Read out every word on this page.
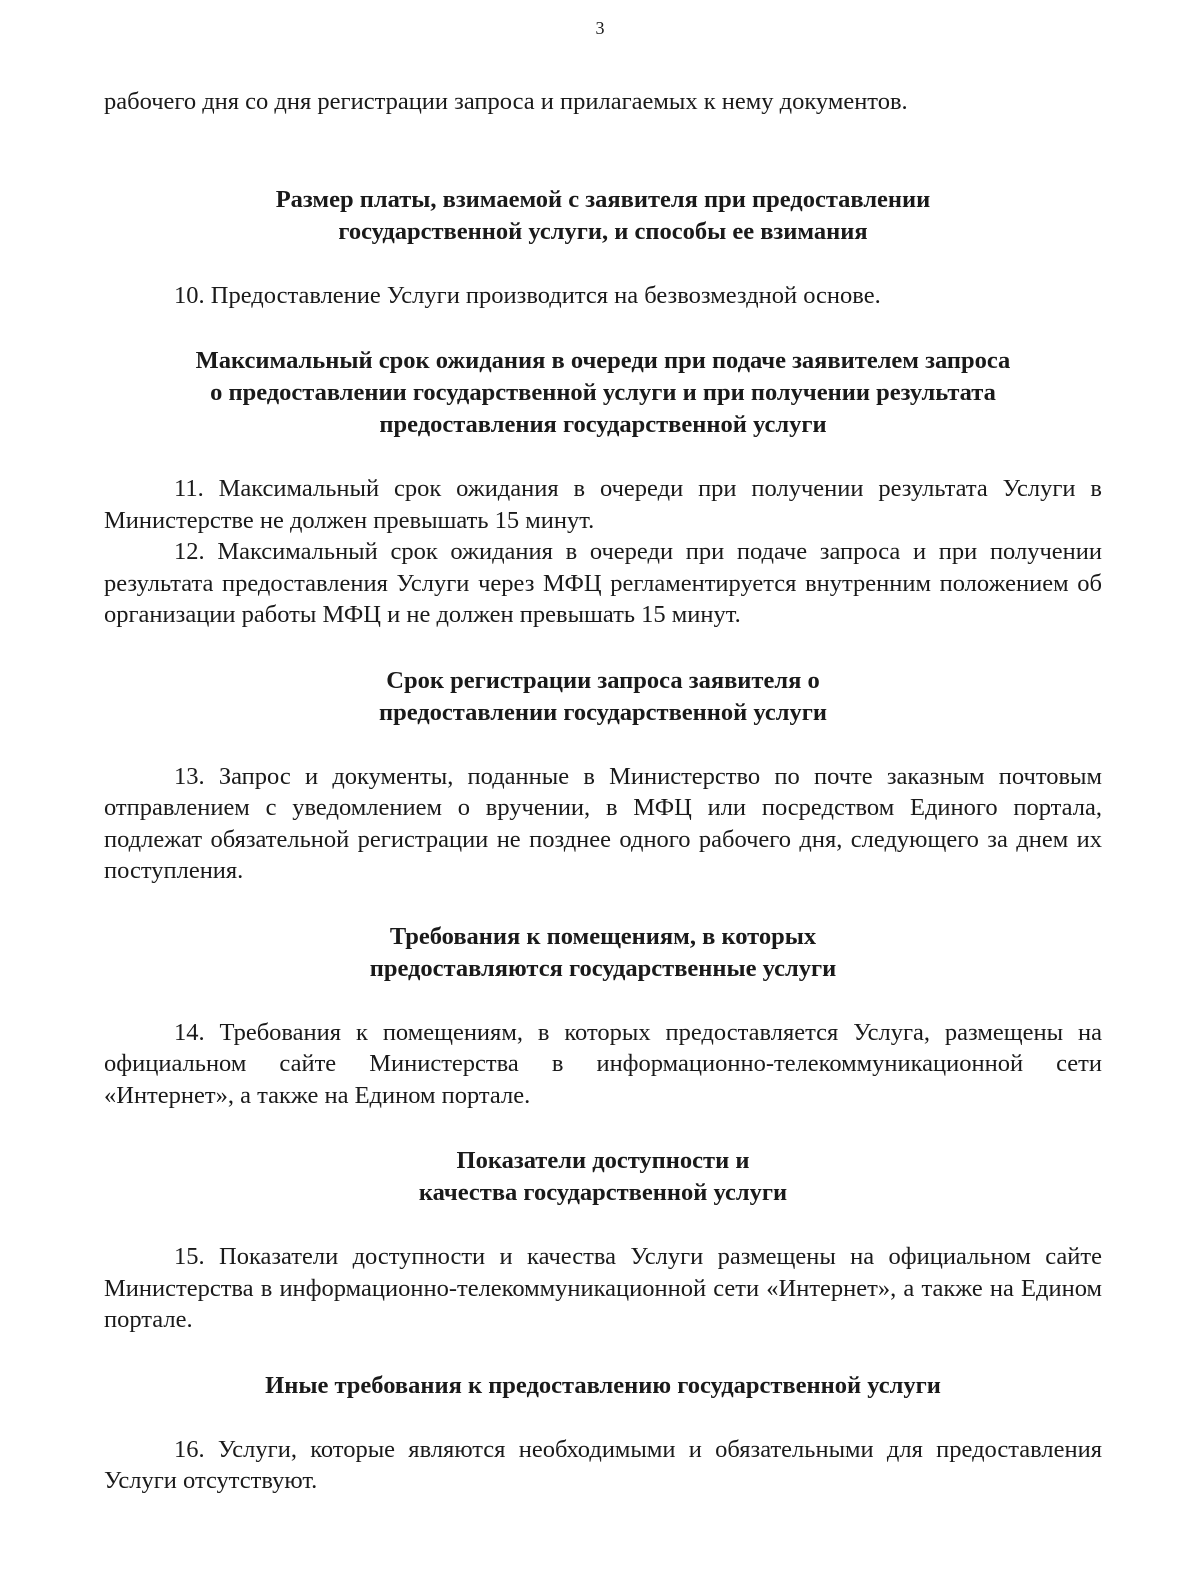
3

рабочего дня со дня регистрации запроса и прилагаемых к нему документов.

Размер платы, взимаемой с заявителя при предоставлении
государственной услуги, и способы ее взимания

10. Предоставление Услуги производится на безвозмездной основе.

Максимальный срок ожидания в очереди при подаче заявителем запроса
о предоставлении государственной услуги и при получении результата
предоставления государственной услуги

11. Максимальный срок ожидания в очереди при получении результата Услуги в Министерстве не должен превышать 15 минут.

12. Максимальный срок ожидания в очереди при подаче запроса и при получении результата предоставления Услуги через МФЦ регламентируется внутренним положением об организации работы МФЦ и не должен превышать 15 минут.

Срок регистрации запроса заявителя о
предоставлении государственной услуги

13. Запрос и документы, поданные в Министерство по почте заказным почтовым отправлением с уведомлением о вручении, в МФЦ или посредством Единого портала, подлежат обязательной регистрации не позднее одного рабочего дня, следующего за днем их поступления.

Требования к помещениям, в которых
предоставляются государственные услуги

14. Требования к помещениям, в которых предоставляется Услуга, размещены на официальном сайте Министерства в информационно-телекоммуникационной сети «Интернет», а также на Едином портале.

Показатели доступности и
качества государственной услуги

15. Показатели доступности и качества Услуги размещены на официальном сайте Министерства в информационно-телекоммуникационной сети «Интернет», а также на Едином портале.

Иные требования к предоставлению государственной услуги

16. Услуги, которые являются необходимыми и обязательными для предоставления Услуги отсутствуют.
